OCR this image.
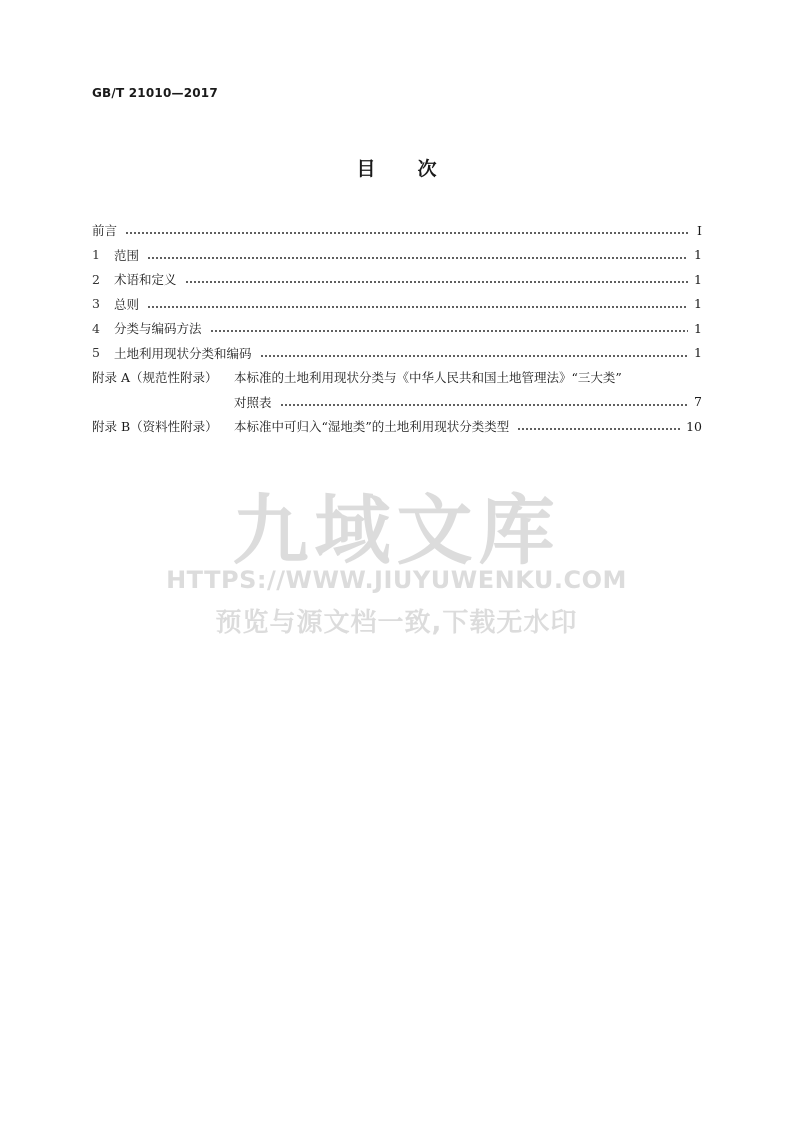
GB/T 21010—2017
目 次
前言	Ⅰ
1	范围	1
2	术语和定义	1
3	总则	1
4	分类与编码方法	1
5	土地利用现状分类和编码	1
附录 A（规范性附录）	本标准的土地利用现状分类与《中华人民共和国土地管理法》“三大类”
对照表	7
附录 B（资料性附录）	本标准中可归入“湿地类”的土地利用现状分类类型	10
九域文库
HTTPS://WWW.JIUYUWENKU.COM
预览与源文档一致,下载无水印
